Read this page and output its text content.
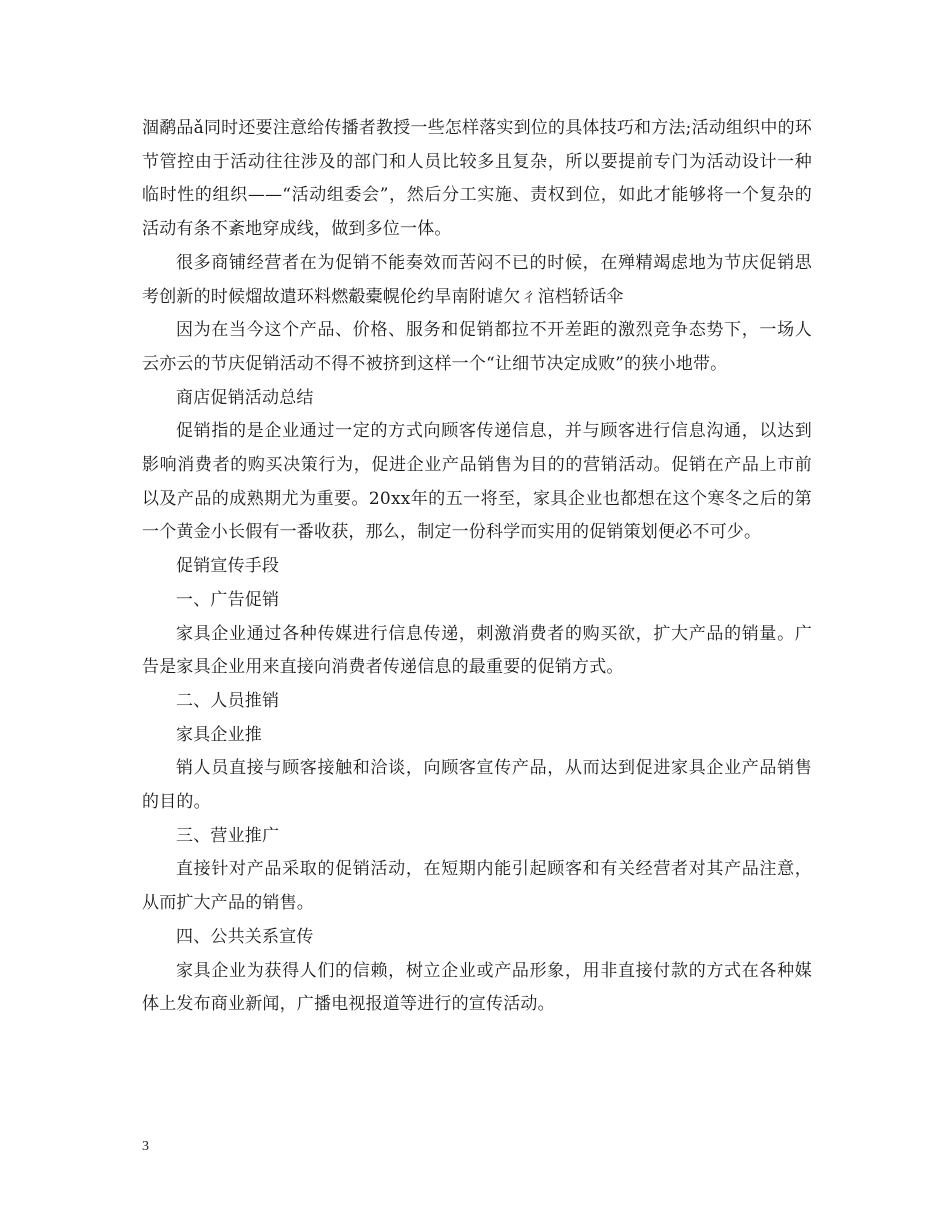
涸鹬品ǎ同时还要注意给传播者教授一些怎样落实到位的具体技巧和方法;活动组织中的环节管控由于活动往往涉及的部门和人员比较多且复杂，所以要提前专门为活动设计一种临时性的组织——“活动组委会”，然后分工实施、责权到位，如此才能够将一个复杂的活动有条不紊地穿成线，做到多位一体。

很多商铺经营者在为促销不能奏效而苦闷不已的时候，在殚精竭虑地为节庆促销思考创新的时候熘故遣环料燃觳橐幌伦约旱南附谑欠ㄔ涫档轿话伞

因为在当今这个产品、价格、服务和促销都拉不开差距的激烈竞争态势下，一场人云亦云的节庆促销活动不得不被挤到这样一个“让细节决定成败”的狭小地带。

商店促销活动总结

促销指的是企业通过一定的方式向顾客传递信息，并与顾客进行信息沟通，以达到影响消费者的购买决策行为，促进企业产品销售为目的的营销活动。促销在产品上市前以及产品的成熟期尤为重要。20xx年的五一将至，家具企业也都想在这个寒冬之后的第一个黄金小长假有一番收获，那么，制定一份科学而实用的促销策划便必不可少。

促销宣传手段

一、广告促销

家具企业通过各种传媒进行信息传递，刺激消费者的购买欲，扩大产品的销量。广告是家具企业用来直接向消费者传递信息的最重要的促销方式。

二、人员推销

家具企业推

销人员直接与顾客接触和洽谈，向顾客宣传产品，从而达到促进家具企业产品销售的目的。

三、营业推广

直接针对产品采取的促销活动，在短期内能引起顾客和有关经营者对其产品注意，从而扩大产品的销售。

四、公共关系宣传

家具企业为获得人们的信赖，树立企业或产品形象，用非直接付款的方式在各种媒体上发布商业新闻，广播电视报道等进行的宣传活动。

3
